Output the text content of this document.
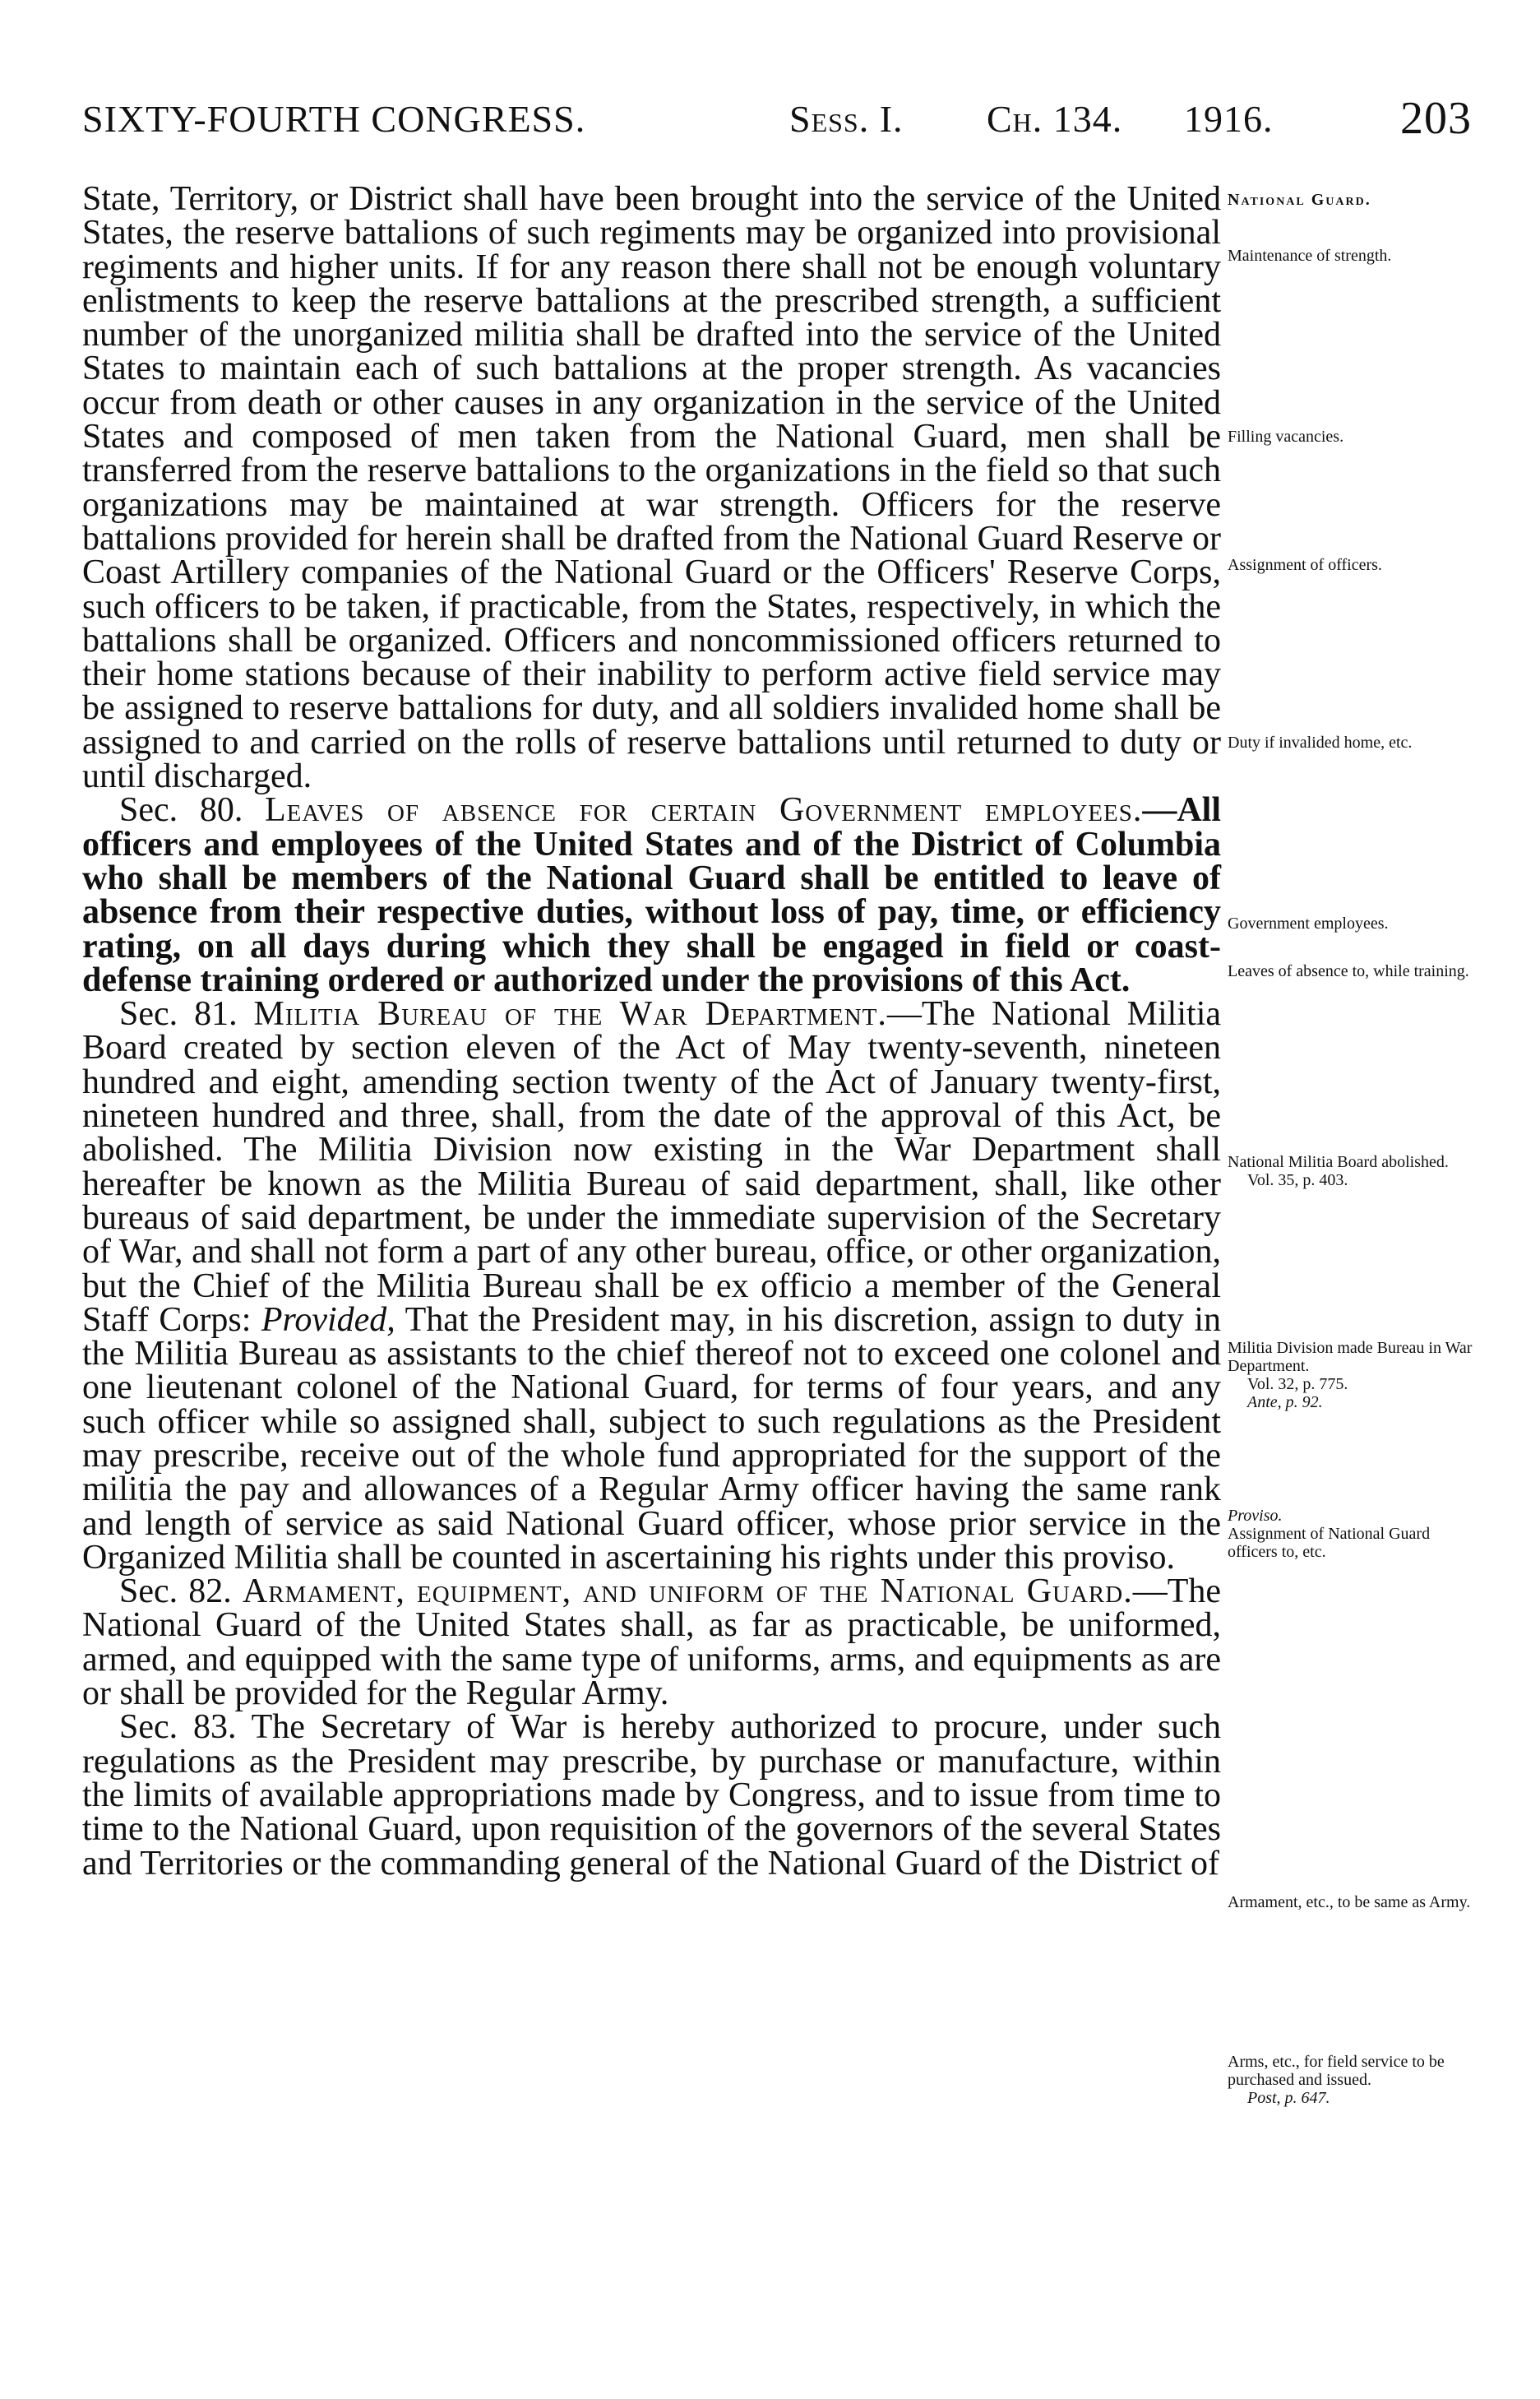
SIXTY-FOURTH CONGRESS.	Sess. I. Ch. 134. 1916.	203

State, Territory, or District shall have been brought into the service of the United States, the reserve battalions of such regiments may be organized into provisional regiments and higher units. If for any reason there shall not be enough voluntary enlistments to keep the reserve battalions at the prescribed strength, a sufficient number of the unorganized militia shall be drafted into the service of the United States to maintain each of such battalions at the proper strength. As vacancies occur from death or other causes in any organization in the service of the United States and composed of men taken from the National Guard, men shall be transferred from the reserve battalions to the organizations in the field so that such organizations may be maintained at war strength. Officers for the reserve battalions provided for herein shall be drafted from the National Guard Reserve or Coast Artillery companies of the National Guard or the Officers' Reserve Corps, such officers to be taken, if practicable, from the States, respectively, in which the battalions shall be organized. Officers and noncommissioned officers returned to their home stations because of their inability to perform active field service may be assigned to reserve battalions for duty, and all soldiers invalided home shall be assigned to and carried on the rolls of reserve battalions until returned to duty or until discharged.

Sec. 80. Leaves of absence for certain Government employees.—All officers and employees of the United States and of the District of Columbia who shall be members of the National Guard shall be entitled to leave of absence from their respective duties, without loss of pay, time, or efficiency rating, on all days during which they shall be engaged in field or coast-defense training ordered or authorized under the provisions of this Act.

Sec. 81. Militia Bureau of the War Department.—The National Militia Board created by section eleven of the Act of May twenty-seventh, nineteen hundred and eight, amending section twenty of the Act of January twenty-first, nineteen hundred and three, shall, from the date of the approval of this Act, be abolished. The Militia Division now existing in the War Department shall hereafter be known as the Militia Bureau of said department, shall, like other bureaus of said department, be under the immediate supervision of the Secretary of War, and shall not form a part of any other bureau, office, or other organization, but the Chief of the Militia Bureau shall be ex officio a member of the General Staff Corps: Provided, That the President may, in his discretion, assign to duty in the Militia Bureau as assistants to the chief thereof not to exceed one colonel and one lieutenant colonel of the National Guard, for terms of four years, and any such officer while so assigned shall, subject to such regulations as the President may prescribe, receive out of the whole fund appropriated for the support of the militia the pay and allowances of a Regular Army officer having the same rank and length of service as said National Guard officer, whose prior service in the Organized Militia shall be counted in ascertaining his rights under this proviso.

Sec. 82. Armament, equipment, and uniform of the National Guard.—The National Guard of the United States shall, as far as practicable, be uniformed, armed, and equipped with the same type of uniforms, arms, and equipments as are or shall be provided for the Regular Army.

Sec. 83. The Secretary of War is hereby authorized to procure, under such regulations as the President may prescribe, by purchase or manufacture, within the limits of available appropriations made by Congress, and to issue from time to time to the National Guard, upon requisition of the governors of the several States and Territories or the commanding general of the National Guard of the District of

National Guard.
Maintenance of strength.
Filling vacancies.
Assignment of officers.
Duty if invalided home, etc.
Government employees.
Leaves of absence to, while training.
National Militia Board abolished.
Vol. 35, p. 403.
Militia Division made Bureau in War Department.
Vol. 32, p. 775.
Ante, p. 92.
Proviso.
Assignment of National Guard officers to, etc.
Armament, etc., to be same as Army.
Arms, etc., for field service to be purchased and issued.
Post, p. 647.
